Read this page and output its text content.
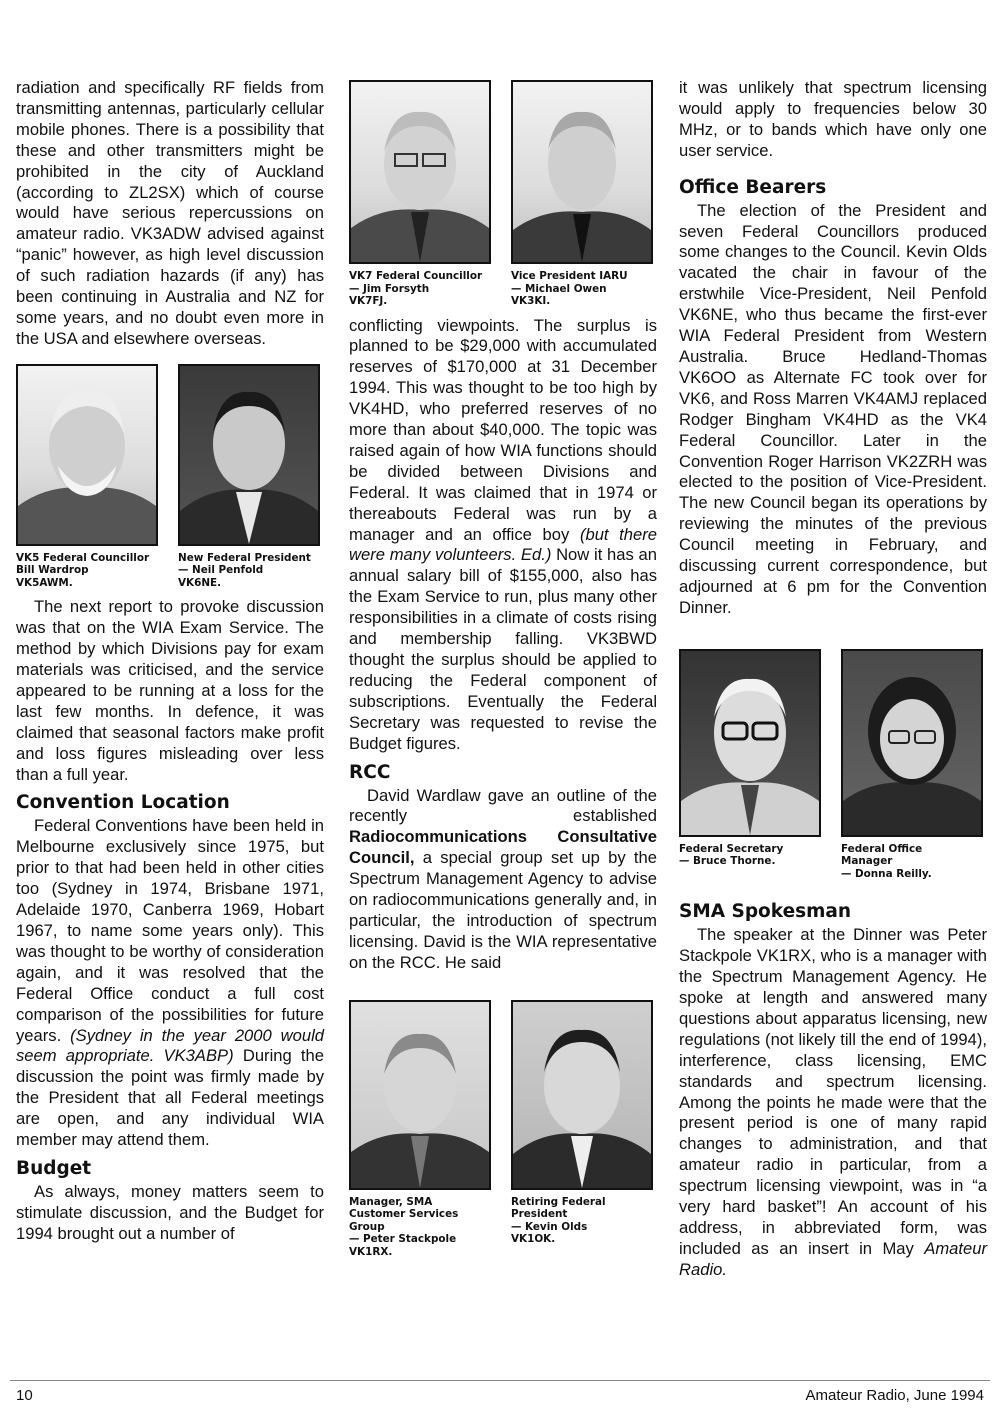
radiation and specifically RF fields from transmitting antennas, particularly cellular mobile phones. There is a possibility that these and other transmitters might be prohibited in the city of Auckland (according to ZL2SX) which of course would have serious repercussions on amateur radio. VK3ADW advised against “panic” however, as high level discussion of such radiation hazards (if any) has been continuing in Australia and NZ for some years, and no doubt even more in the USA and elsewhere overseas.

VK5 Federal Councillor
Bill Wardrop
VK5AWM.
New Federal President
— Neil Penfold
VK6NE.

The next report to provoke discussion was that on the WIA Exam Service. The method by which Divisions pay for exam materials was criticised, and the service appeared to be running at a loss for the last few months. In defence, it was claimed that seasonal factors make profit and loss figures misleading over less than a full year.

Convention Location

Federal Conventions have been held in Melbourne exclusively since 1975, but prior to that had been held in other cities too (Sydney in 1974, Brisbane 1971, Adelaide 1970, Canberra 1969, Hobart 1967, to name some years only). This was thought to be worthy of consideration again, and it was resolved that the Federal Office conduct a full cost comparison of the possibilities for future years. (Sydney in the year 2000 would seem appropriate. VK3ABP) During the discussion the point was firmly made by the President that all Federal meetings are open, and any individual WIA member may attend them.

Budget

As always, money matters seem to stimulate discussion, and the Budget for 1994 brought out a number of

VK7 Federal Councillor
— Jim Forsyth
VK7FJ.
Vice President IARU
— Michael Owen
VK3KI.

conflicting viewpoints. The surplus is planned to be $29,000 with accumulated reserves of $170,000 at 31 December 1994. This was thought to be too high by VK4HD, who preferred reserves of no more than about $40,000. The topic was raised again of how WIA functions should be divided between Divisions and Federal. It was claimed that in 1974 or thereabouts Federal was run by a manager and an office boy (but there were many volunteers. Ed.) Now it has an annual salary bill of $155,000, also has the Exam Service to run, plus many other responsibilities in a climate of costs rising and membership falling. VK3BWD thought the surplus should be applied to reducing the Federal component of subscriptions. Eventually the Federal Secretary was requested to revise the Budget figures.

RCC

David Wardlaw gave an outline of the recently established Radiocommunications Consultative Council, a special group set up by the Spectrum Management Agency to advise on radiocommunications generally and, in particular, the introduction of spectrum licensing. David is the WIA representative on the RCC. He said

Manager, SMA
Customer Services
Group
— Peter Stackpole
VK1RX.
Retiring Federal
President
— Kevin Olds
VK1OK.

it was unlikely that spectrum licensing would apply to frequencies below 30 MHz, or to bands which have only one user service.

Office Bearers

The election of the President and seven Federal Councillors produced some changes to the Council. Kevin Olds vacated the chair in favour of the erstwhile Vice-President, Neil Penfold VK6NE, who thus became the first-ever WIA Federal President from Western Australia. Bruce Hedland-Thomas VK6OO as Alternate FC took over for VK6, and Ross Marren VK4AMJ replaced Rodger Bingham VK4HD as the VK4 Federal Councillor. Later in the Convention Roger Harrison VK2ZRH was elected to the position of Vice-President. The new Council began its operations by reviewing the minutes of the previous Council meeting in February, and discussing current correspondence, but adjourned at 6 pm for the Convention Dinner.

Federal Secretary
— Bruce Thorne.
Federal Office
Manager
— Donna Reilly.
SMA Spokesman

The speaker at the Dinner was Peter Stackpole VK1RX, who is a manager with the Spectrum Management Agency. He spoke at length and answered many questions about apparatus licensing, new regulations (not likely till the end of 1994), interference, class licensing, EMC standards and spectrum licensing. Among the points he made were that the present period is one of many rapid changes to administration, and that amateur radio in particular, from a spectrum licensing viewpoint, was in “a very hard basket”! An account of his address, in abbreviated form, was included as an insert in May Amateur Radio.

10	Amateur Radio, June 1994
